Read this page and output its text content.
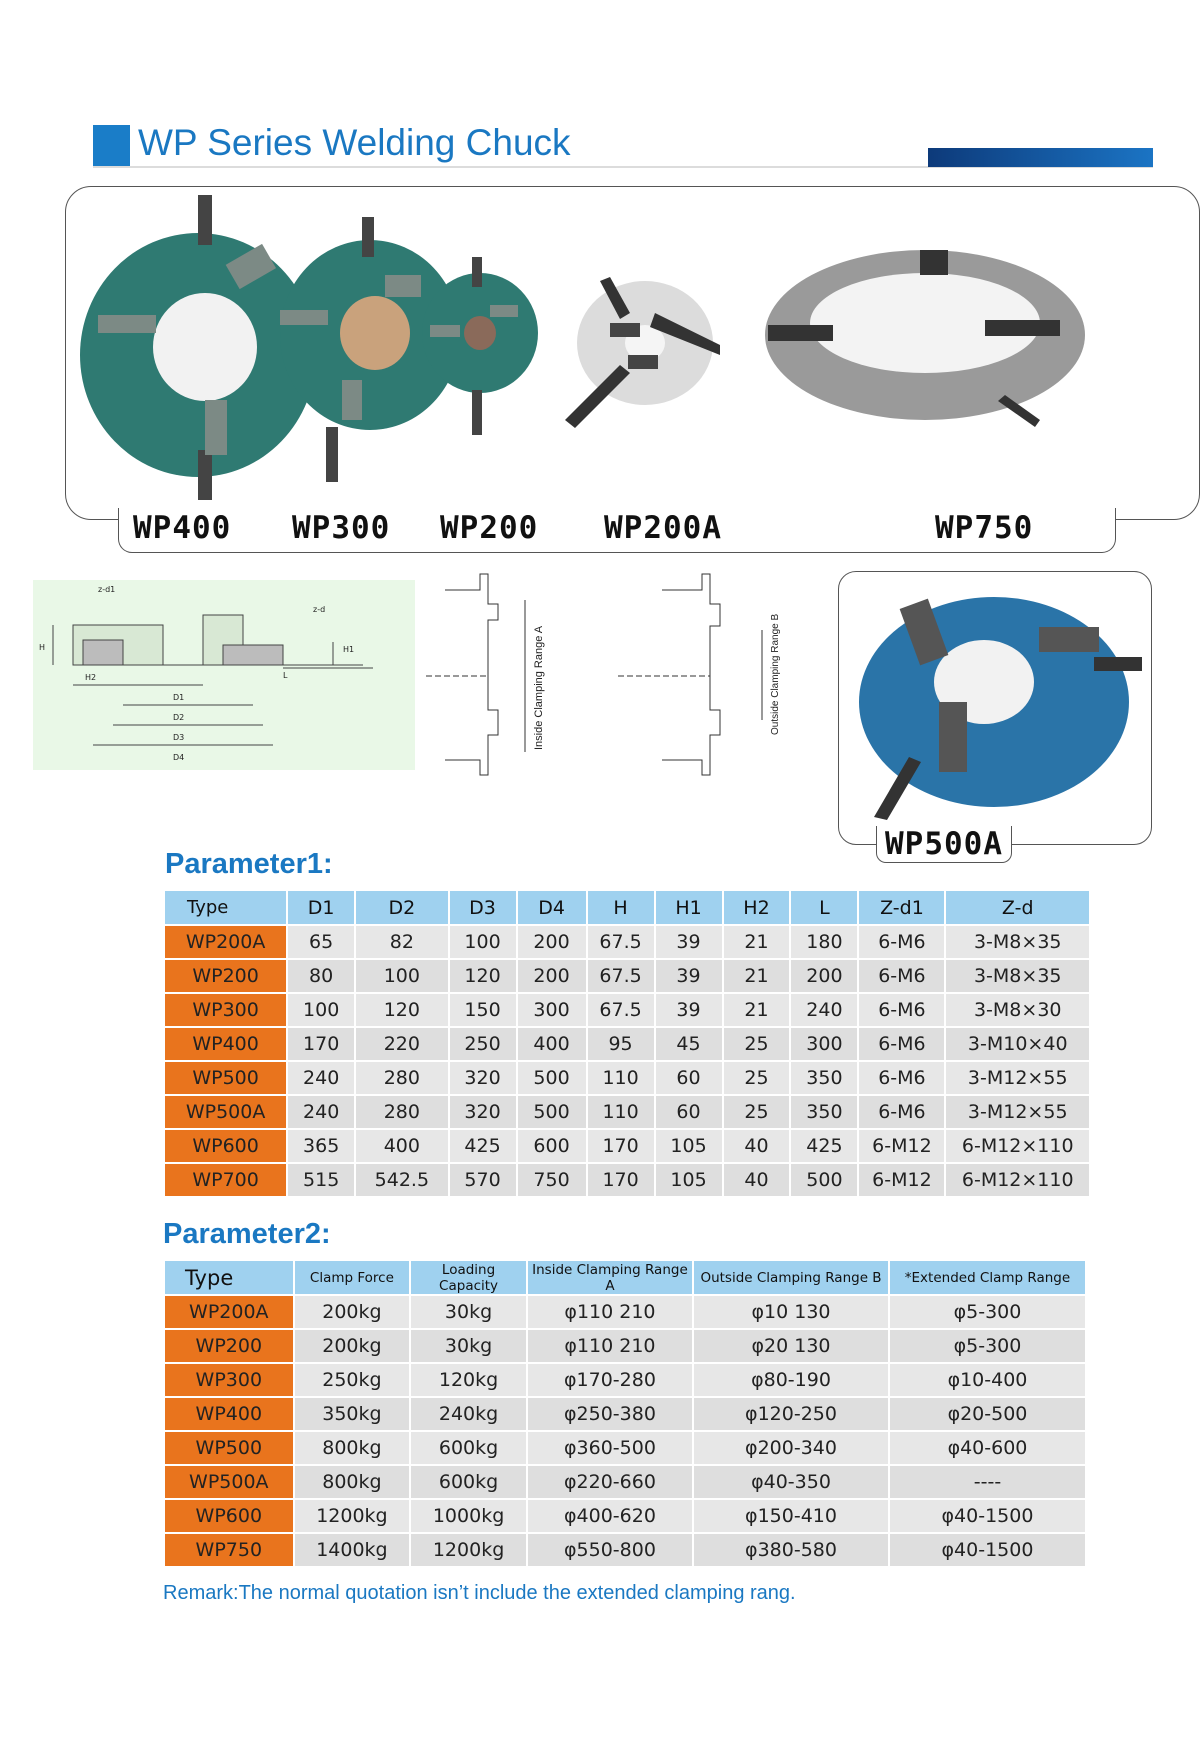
WP Series Welding Chuck
WP400 WP300 WP200 WP200A	WP750
z-d1
z-d
H	H1
H2	L
D1
D2
D3
D4
Inside Clamping Range A	Outside Clamping Range B
WP500A
Parameter1:
Type	D1	D2	D3	D4	H	H1	H2	L	Z-d1	Z-d
WP200A	65	82	100	200	67.5	39	21	180	6-M6	3-M8×35
WP200	80	100	120	200	67.5	39	21	200	6-M6	3-M8×35
WP300	100	120	150	300	67.5	39	21	240	6-M6	3-M8×30
WP400	170	220	250	400	95	45	25	300	6-M6	3-M10×40
WP500	240	280	320	500	110	60	25	350	6-M6	3-M12×55
WP500A	240	280	320	500	110	60	25	350	6-M6	3-M12×55
WP600	365	400	425	600	170	105	40	425	6-M12	6-M12×110
WP700	515	542.5	570	750	170	105	40	500	6-M12	6-M12×110
Parameter2:
Type	Clamp Force	Loading Capacity	Inside Clamping Range A	Outside Clamping Range B	*Extended Clamp Range
WP200A	200kg	30kg	φ110 210	φ10 130	φ5-300
WP200	200kg	30kg	φ110 210	φ20 130	φ5-300
WP300	250kg	120kg	φ170-280	φ80-190	φ10-400
WP400	350kg	240kg	φ250-380	φ120-250	φ20-500
WP500	800kg	600kg	φ360-500	φ200-340	φ40-600
WP500A	800kg	600kg	φ220-660	φ40-350	----
WP600	1200kg	1000kg	φ400-620	φ150-410	φ40-1500
WP750	1400kg	1200kg	φ550-800	φ380-580	φ40-1500
Remark:The normal quotation isn’t include the extended clamping rang.
